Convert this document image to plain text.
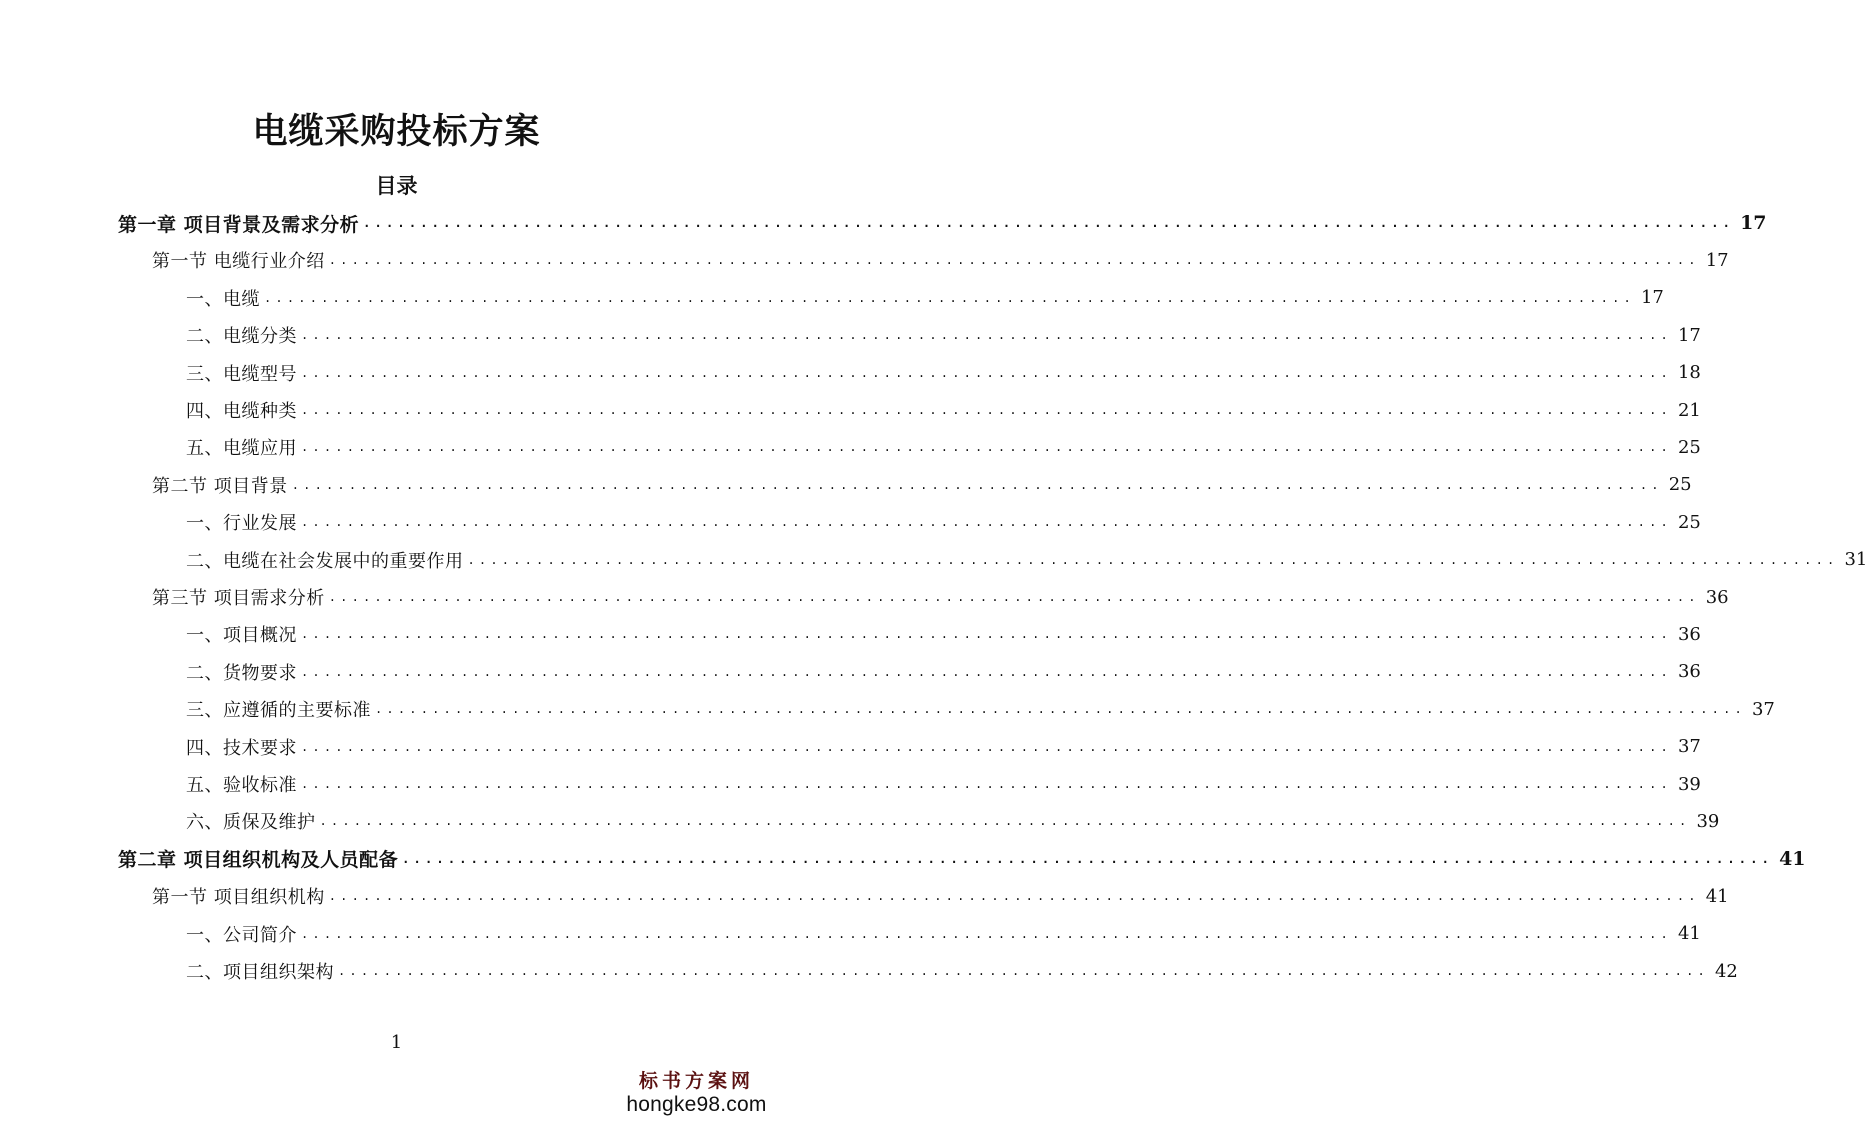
电缆采购投标方案
目录
第一章 项目背景及需求分析 ........................................................................................................................ 17
第一节 电缆行业介绍 ........................................................................................................................ 17
一、电缆 ........................................................................................................................ 17
二、电缆分类 ........................................................................................................................ 17
三、电缆型号 ........................................................................................................................ 18
四、电缆种类 ........................................................................................................................ 21
五、电缆应用 ........................................................................................................................ 25
第二节 项目背景 ........................................................................................................................ 25
一、行业发展 ........................................................................................................................ 25
二、电缆在社会发展中的重要作用 ........................................................................................................................ 31
第三节 项目需求分析 ........................................................................................................................ 36
一、项目概况 ........................................................................................................................ 36
二、货物要求 ........................................................................................................................ 36
三、应遵循的主要标准 ........................................................................................................................ 37
四、技术要求 ........................................................................................................................ 37
五、验收标准 ........................................................................................................................ 39
六、质保及维护 ........................................................................................................................ 39
第二章 项目组织机构及人员配备 ........................................................................................................................ 41
第一节 项目组织机构 ........................................................................................................................ 41
一、公司简介 ........................................................................................................................ 41
二、项目组织架构 ........................................................................................................................ 42
1
标书方案网
hongke98.com
